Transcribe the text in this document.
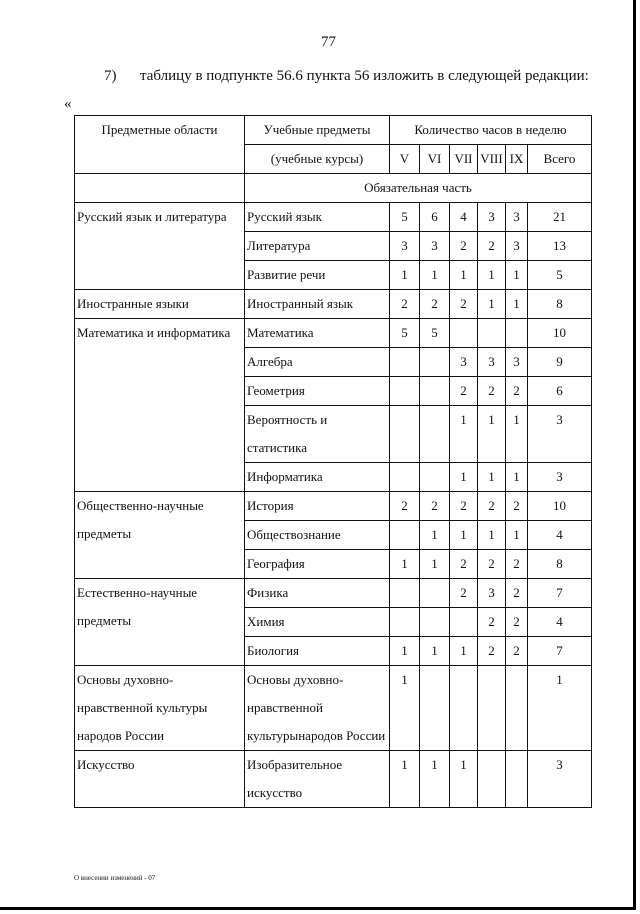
77
7) таблицу в подпункте 56.6 пункта 56 изложить в следующей редакции:
«
Предметные области	Учебные предметы	Количество часов в неделю					
	(учебные курсы)	V	VI	VII	VIII	IX	Всего
	Обязательная часть						
Русский язык и литература	Русский язык	5	6	4	3	3	21
	Литература	3	3	2	2	3	13
	Развитие речи	1	1	1	1	1	5
Иностранные языки	Иностранный язык	2	2	2	1	1	8
Математика и информатика	Математика	5	5				10
	Алгебра			3	3	3	9
	Геометрия			2	2	2	6
	Вероятность и статистика			1	1	1	3
	Информатика			1	1	1	3
Общественно-научные предметы	История	2	2	2	2	2	10
	Обществознание		1	1	1	1	4
	География	1	1	2	2	2	8
Естественно-научные предметы	Физика			2	3	2	7
	Химия				2	2	4
	Биология	1	1	1	2	2	7
Основы духовно-нравственной культуры народов России	Основы духовно-нравственной культурынародов России	1					1
Искусство	Изобразительное искусство	1	1	1			3
О внесении изменений - 07
